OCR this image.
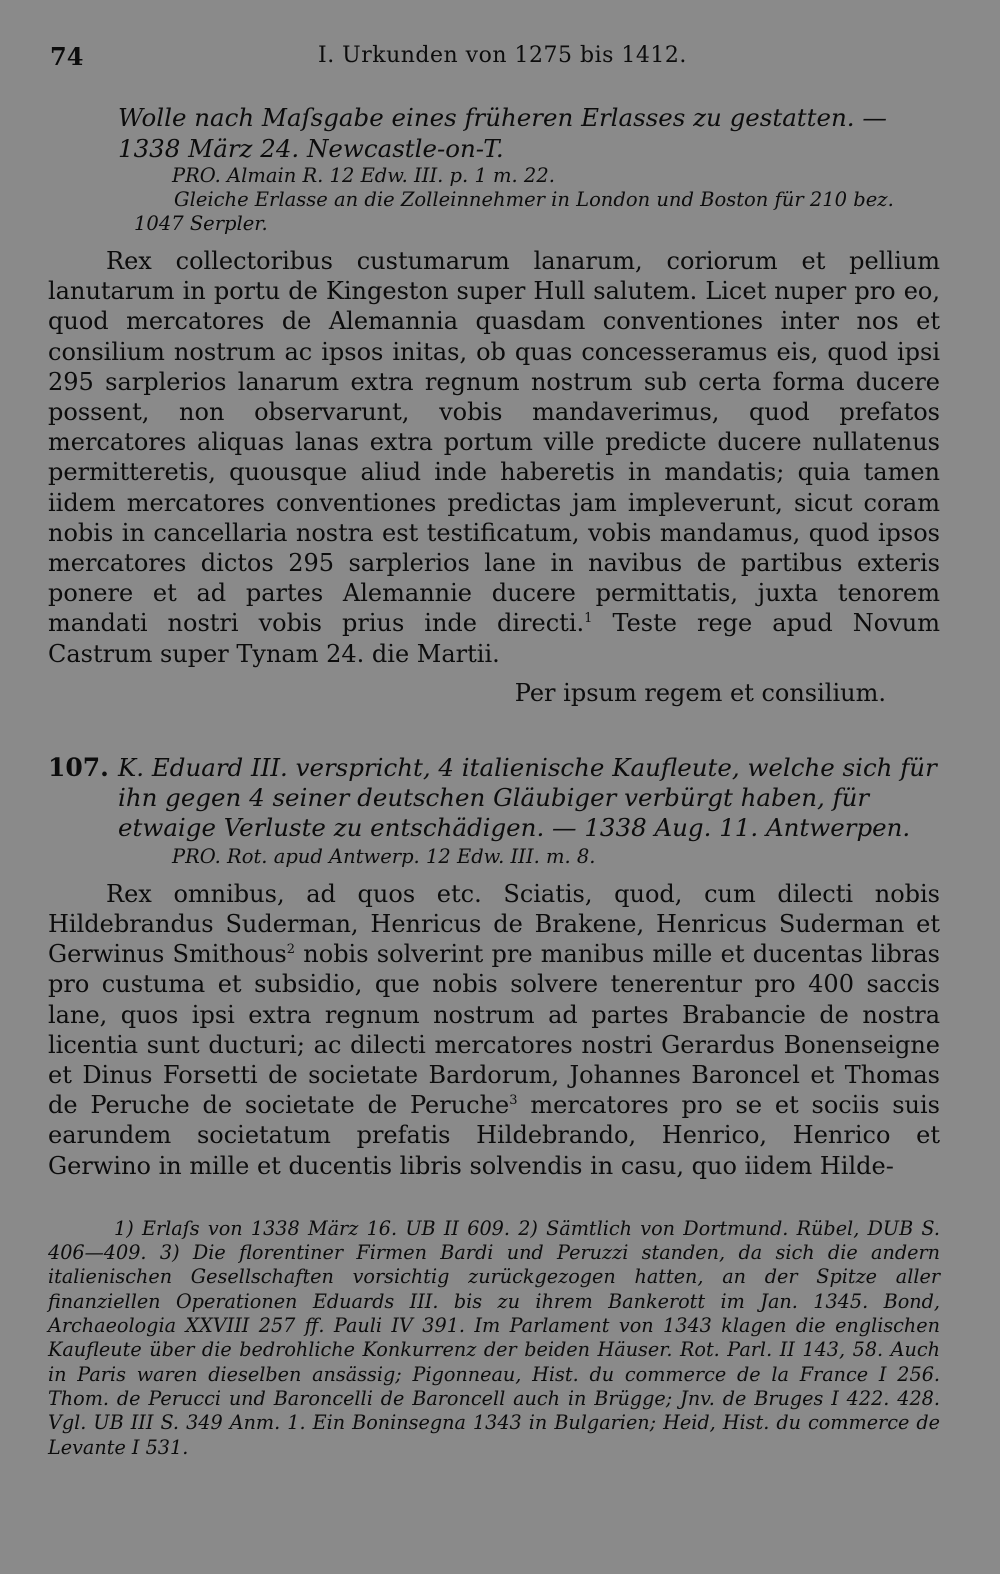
74	I. Urkunden von 1275 bis 1412.
Wolle nach Maſsgabe eines früheren Erlasses zu gestatten. — 1338 März 24. Newcastle-on-T.
PRO. Almain R. 12 Edw. III. p. 1 m. 22.
Gleiche Erlasse an die Zolleinnehmer in London und Boston für 210 bez. 1047 Serpler.

Rex collectoribus custumarum lanarum, coriorum et pellium lanutarum in portu de Kingeston super Hull salutem. Licet nuper pro eo, quod mercatores de Alemannia quasdam conventiones inter nos et consilium nostrum ac ipsos initas, ob quas concesseramus eis, quod ipsi 295 sarplerios lanarum extra regnum nostrum sub certa forma ducere possent, non observarunt, vobis mandaverimus, quod prefatos mercatores aliquas lanas extra portum ville predicte ducere nullatenus permitteretis, quousque aliud inde haberetis in mandatis; quia tamen iidem mercatores conventiones predictas jam impleverunt, sicut coram nobis in cancellaria nostra est testificatum, vobis mandamus, quod ipsos mercatores dictos 295 sarplerios lane in navibus de partibus exteris ponere et ad partes Alemannie ducere permittatis, juxta tenorem mandati nostri vobis prius inde directi.$^1$ Teste rege apud Novum Castrum super Tynam 24. die Martii.

Per ipsum regem et consilium.
107. K. Eduard III. verspricht, 4 italienische Kaufleute, welche sich für ihn gegen 4 seiner deutschen Gläubiger verbürgt haben, für etwaige Verluste zu entschädigen. — 1338 Aug. 11. Antwerpen.
PRO. Rot. apud Antwerp. 12 Edw. III. m. 8.

Rex omnibus, ad quos etc. Sciatis, quod, cum dilecti nobis Hildebrandus Suderman, Henricus de Brakene, Henricus Suderman et Gerwinus Smithous$^2$ nobis solverint pre manibus mille et ducentas libras pro custuma et subsidio, que nobis solvere tenerentur pro 400 saccis lane, quos ipsi extra regnum nostrum ad partes Brabancie de nostra licentia sunt ducturi; ac dilecti mercatores nostri Gerardus Bonenseigne et Dinus Forsetti de societate Bardorum, Johannes Baroncel et Thomas de Peruche de societate de Peruche$^3$ mercatores pro se et sociis suis earundem societatum prefatis Hildebrando, Henrico, Henrico et Gerwino in mille et ducentis libris solvendis in casu, quo iidem Hilde-

1) Erlaſs von 1338 März 16. UB II 609. 2) Sämtlich von Dortmund. Rübel, DUB S. 406—409. 3) Die florentiner Firmen Bardi und Peruzzi standen, da sich die andern italienischen Gesellschaften vorsichtig zurückgezogen hatten, an der Spitze aller finanziellen Operationen Eduards III. bis zu ihrem Bankerott im Jan. 1345. Bond, Archaeologia XXVIII 257 ff. Pauli IV 391. Im Parlament von 1343 klagen die englischen Kaufleute über die bedrohliche Konkurrenz der beiden Häuser. Rot. Parl. II 143, 58. Auch in Paris waren dieselben ansässig; Pigonneau, Hist. du commerce de la France I 256. Thom. de Perucci und Baroncelli de Baroncell auch in Brügge; Jnv. de Bruges I 422. 428. Vgl. UB III S. 349 Anm. 1. Ein Boninsegna 1343 in Bulgarien; Heid, Hist. du commerce de Levante I 531.
